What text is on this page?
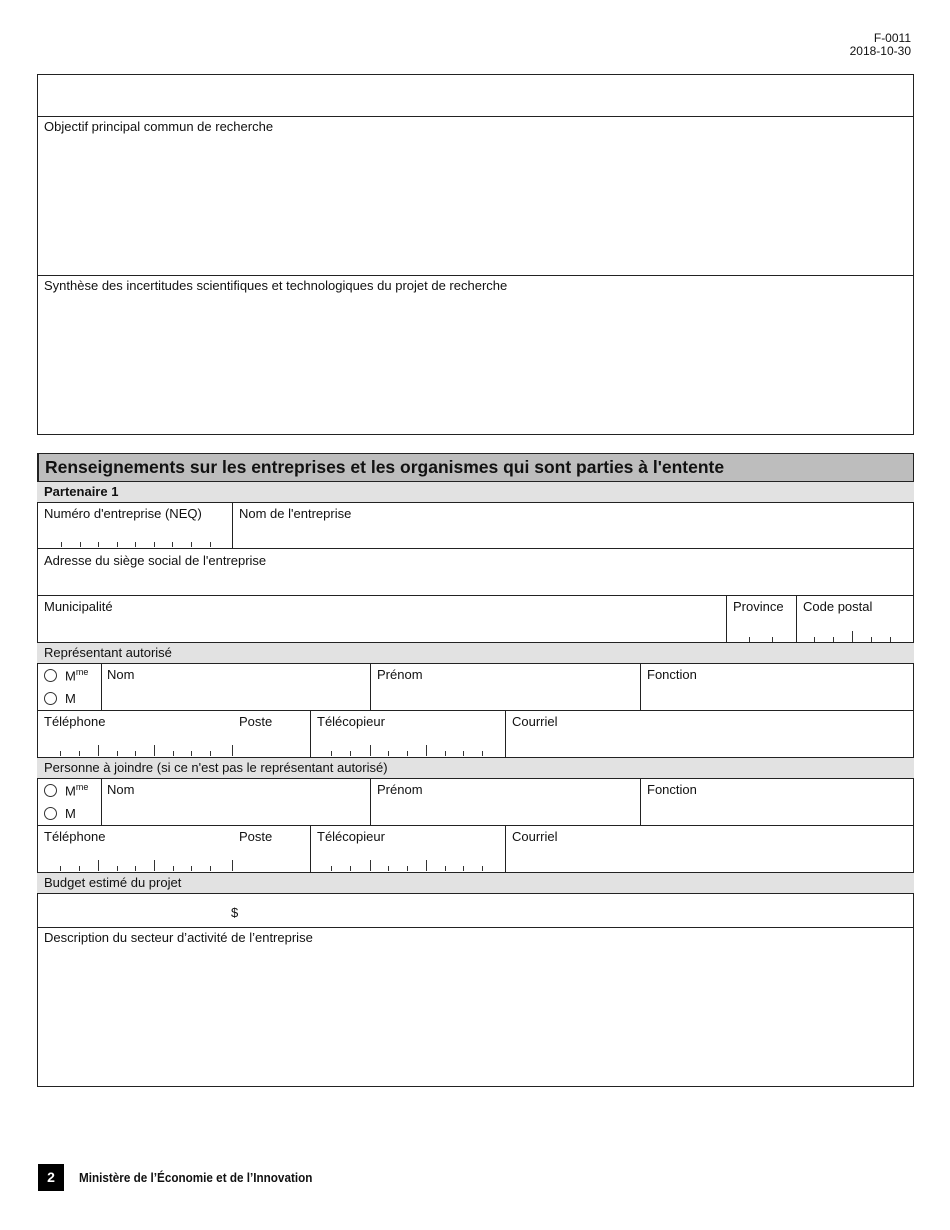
F-0011
2018-10-30
Objectif principal commun de recherche
Synthèse des incertitudes scientifiques et technologiques du projet de recherche
Renseignements sur les entreprises et les organismes qui sont parties à l'entente
Partenaire 1
Numéro d'entreprise (NEQ)	Nom de l'entreprise
Adresse du siège social de l'entreprise
Municipalité	Province Code postal
Représentant autorisé
$M^{me}$
M
Nom	Prénom	Fonction
Téléphone	Poste	Télécopieur	Courriel
Personne à joindre (si ce n'est pas le représentant autorisé)
$M^{me}$
M
Nom	Prénom	Fonction
Téléphone	Poste	Télécopieur	Courriel
Budget estimé du projet
$
Description du secteur d’activité de l’entreprise
2	Ministère de l’Économie et de l’Innovation
